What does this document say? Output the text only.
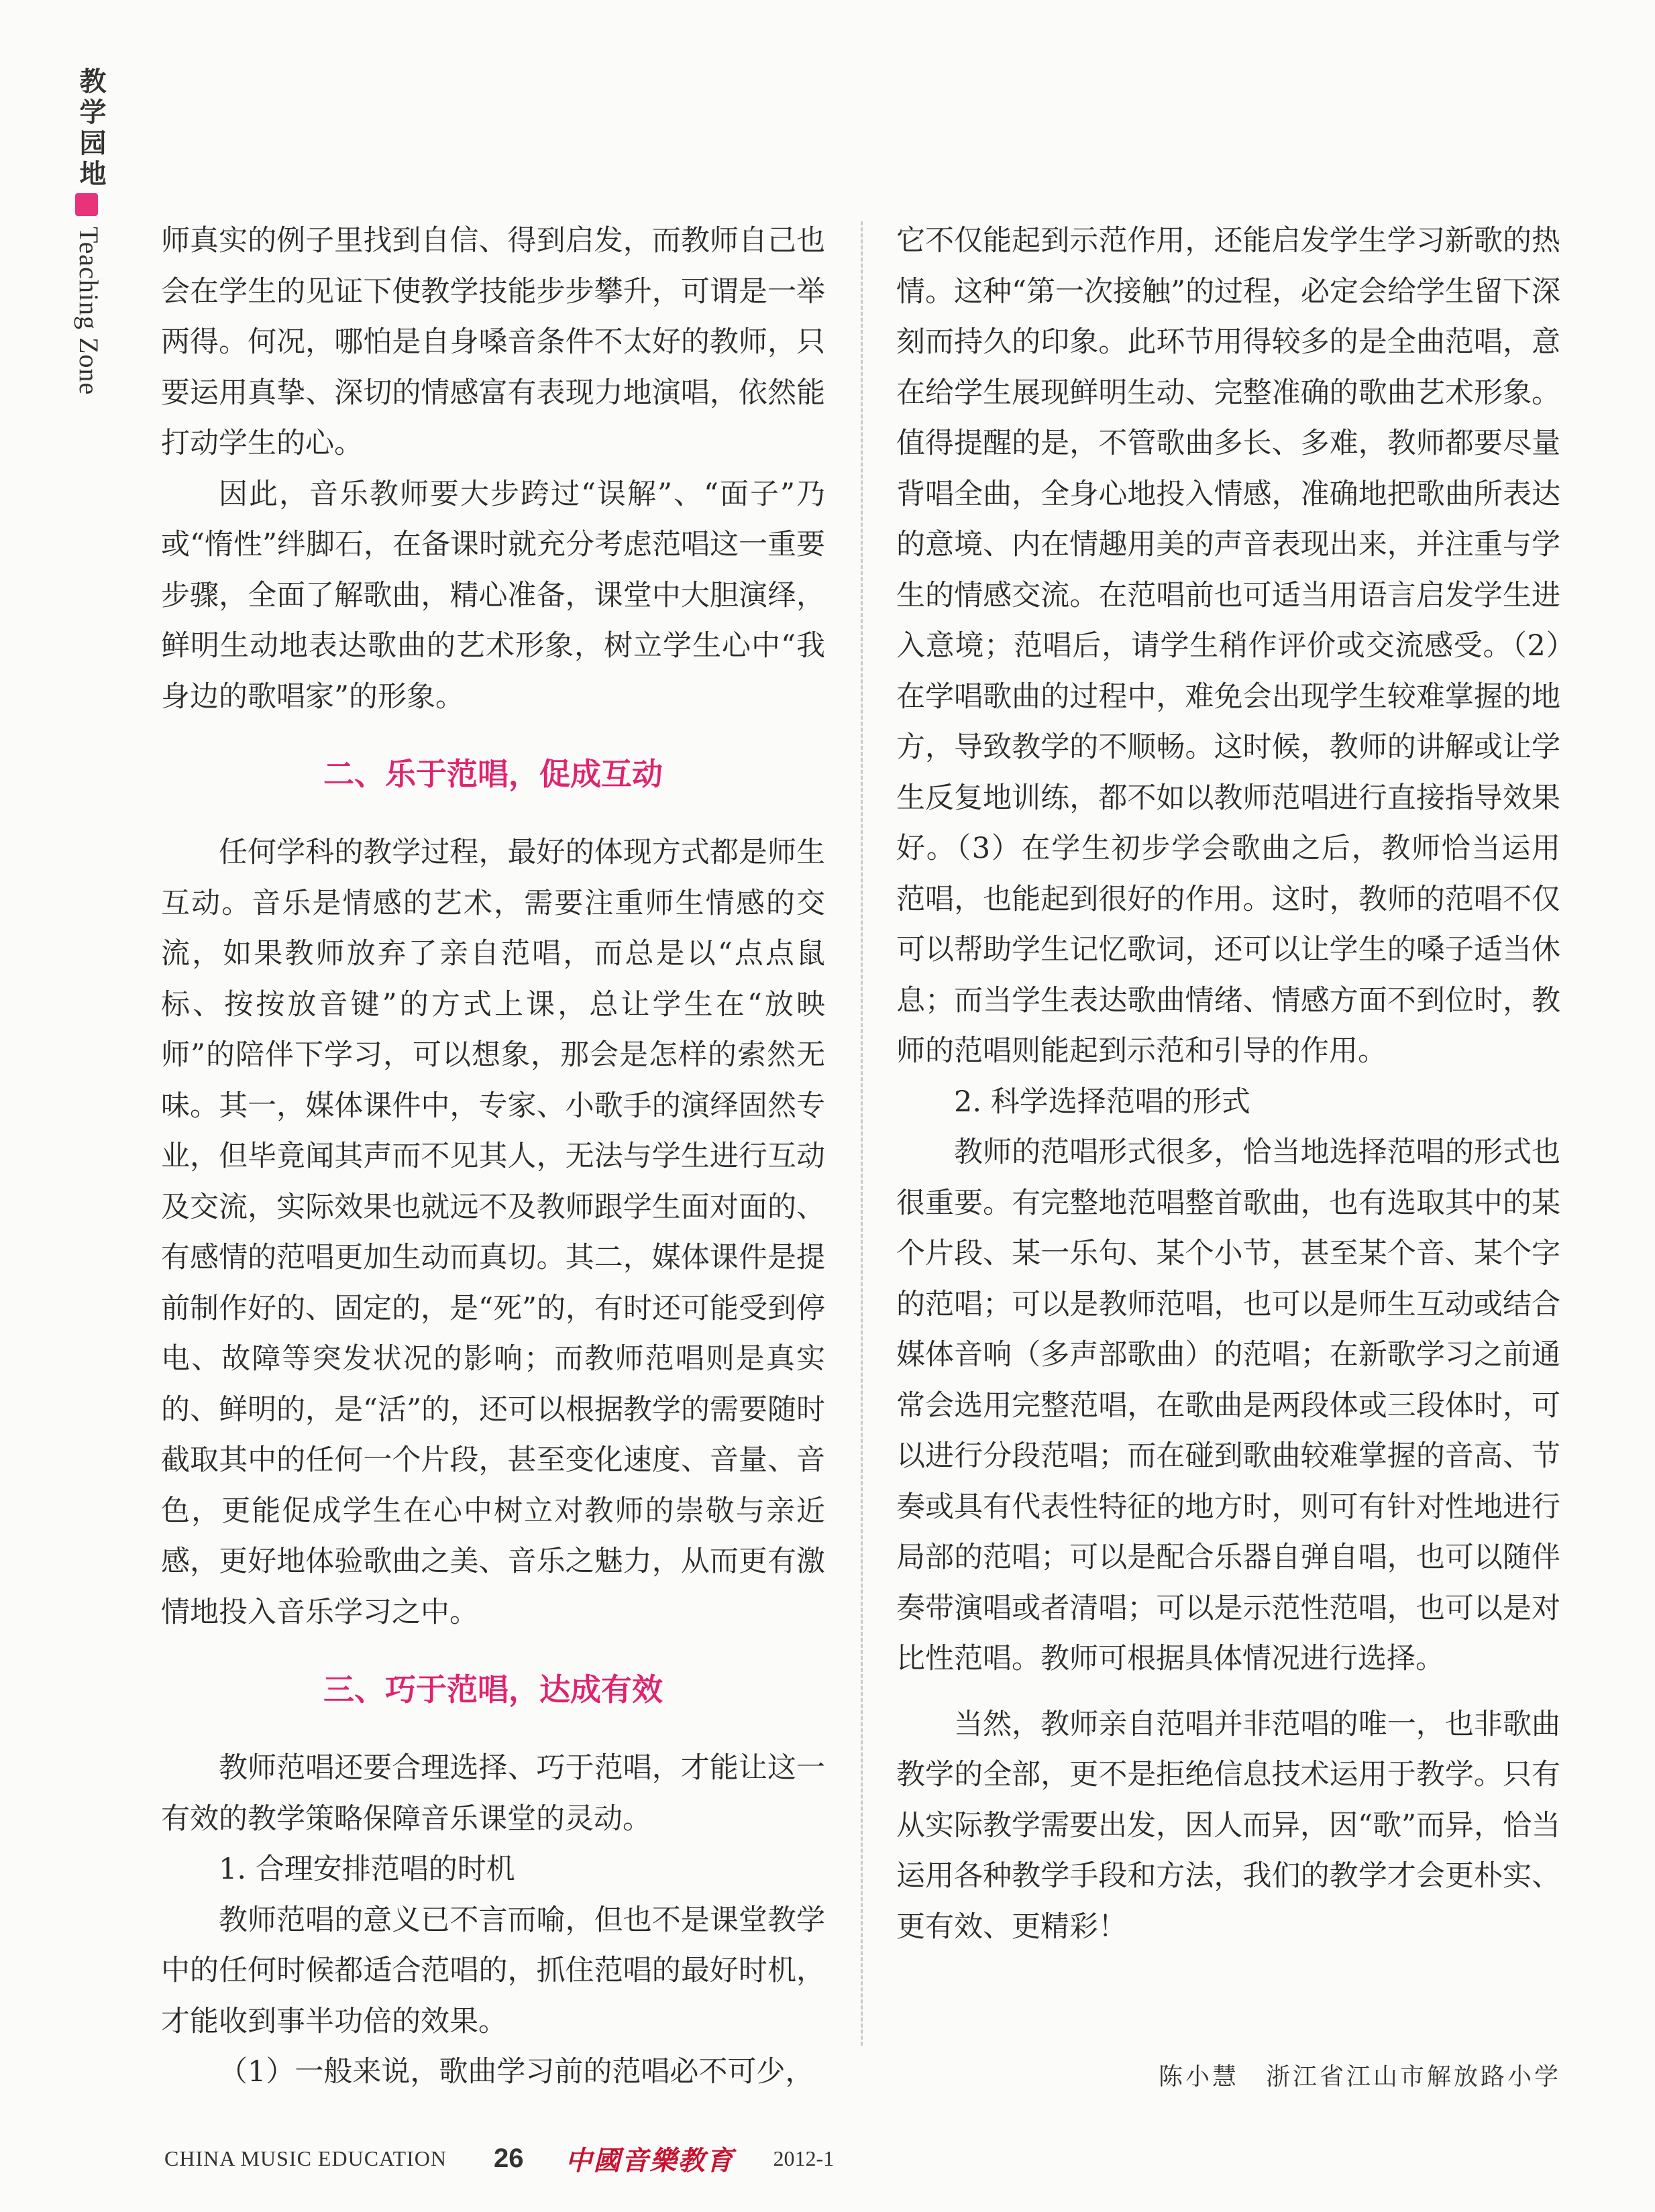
教学园地
Teaching Zone 师真实的例子里找到自信、得到启发，而教师自己也会在学生的见证下使教学技能步步攀升，可谓是一举两得。何况，哪怕是自身嗓音条件不太好的教师，只要运用真挚、深切的情感富有表现力地演唱，依然能打动学生的心。

因此，音乐教师要大步跨过“误解”、“面子”乃或“惰性”绊脚石，在备课时就充分考虑范唱这一重要步骤，全面了解歌曲，精心准备，课堂中大胆演绎，鲜明生动地表达歌曲的艺术形象，树立学生心中“我身边的歌唱家”的形象。

二、乐于范唱，促成互动

任何学科的教学过程，最好的体现方式都是师生互动。音乐是情感的艺术，需要注重师生情感的交流，如果教师放弃了亲自范唱，而总是以“点点鼠标、按按放音键”的方式上课，总让学生在“放映师”的陪伴下学习，可以想象，那会是怎样的索然无味。其一，媒体课件中，专家、小歌手的演绎固然专业，但毕竟闻其声而不见其人，无法与学生进行互动及交流，实际效果也就远不及教师跟学生面对面的、有感情的范唱更加生动而真切。其二，媒体课件是提前制作好的、固定的，是“死”的，有时还可能受到停电、故障等突发状况的影响；而教师范唱则是真实的、鲜明的，是“活”的，还可以根据教学的需要随时截取其中的任何一个片段，甚至变化速度、音量、音色，更能促成学生在心中树立对教师的崇敬与亲近感，更好地体验歌曲之美、音乐之魅力，从而更有激情地投入音乐学习之中。

三、巧于范唱，达成有效

教师范唱还要合理选择、巧于范唱，才能让这一有效的教学策略保障音乐课堂的灵动。

1. 合理安排范唱的时机

教师范唱的意义已不言而喻，但也不是课堂教学中的任何时候都适合范唱的，抓住范唱的最好时机，才能收到事半功倍的效果。

（1）一般来说，歌曲学习前的范唱必不可少，

它不仅能起到示范作用，还能启发学生学习新歌的热情。这种“第一次接触”的过程，必定会给学生留下深刻而持久的印象。此环节用得较多的是全曲范唱，意在给学生展现鲜明生动、完整准确的歌曲艺术形象。值得提醒的是，不管歌曲多长、多难，教师都要尽量背唱全曲，全身心地投入情感，准确地把歌曲所表达的意境、内在情趣用美的声音表现出来，并注重与学生的情感交流。在范唱前也可适当用语言启发学生进入意境；范唱后，请学生稍作评价或交流感受。（2）在学唱歌曲的过程中，难免会出现学生较难掌握的地方，导致教学的不顺畅。这时候，教师的讲解或让学生反复地训练，都不如以教师范唱进行直接指导效果好。（3）在学生初步学会歌曲之后，教师恰当运用范唱，也能起到很好的作用。这时，教师的范唱不仅可以帮助学生记忆歌词，还可以让学生的嗓子适当休息；而当学生表达歌曲情绪、情感方面不到位时，教师的范唱则能起到示范和引导的作用。

2. 科学选择范唱的形式

教师的范唱形式很多，恰当地选择范唱的形式也很重要。有完整地范唱整首歌曲，也有选取其中的某个片段、某一乐句、某个小节，甚至某个音、某个字的范唱；可以是教师范唱，也可以是师生互动或结合媒体音响（多声部歌曲）的范唱；在新歌学习之前通常会选用完整范唱，在歌曲是两段体或三段体时，可以进行分段范唱；而在碰到歌曲较难掌握的音高、节奏或具有代表性特征的地方时，则可有针对性地进行局部的范唱；可以是配合乐器自弹自唱，也可以随伴奏带演唱或者清唱；可以是示范性范唱，也可以是对比性范唱。教师可根据具体情况进行选择。

当然，教师亲自范唱并非范唱的唯一，也非歌曲教学的全部，更不是拒绝信息技术运用于教学。只有从实际教学需要出发，因人而异，因“歌”而异，恰当运用各种教学手段和方法，我们的教学才会更朴实、更有效、更精彩！

陈小慧　浙江省江山市解放路小学
CHINA MUSIC EDUCATION 26 中國音樂教育 2012-1
